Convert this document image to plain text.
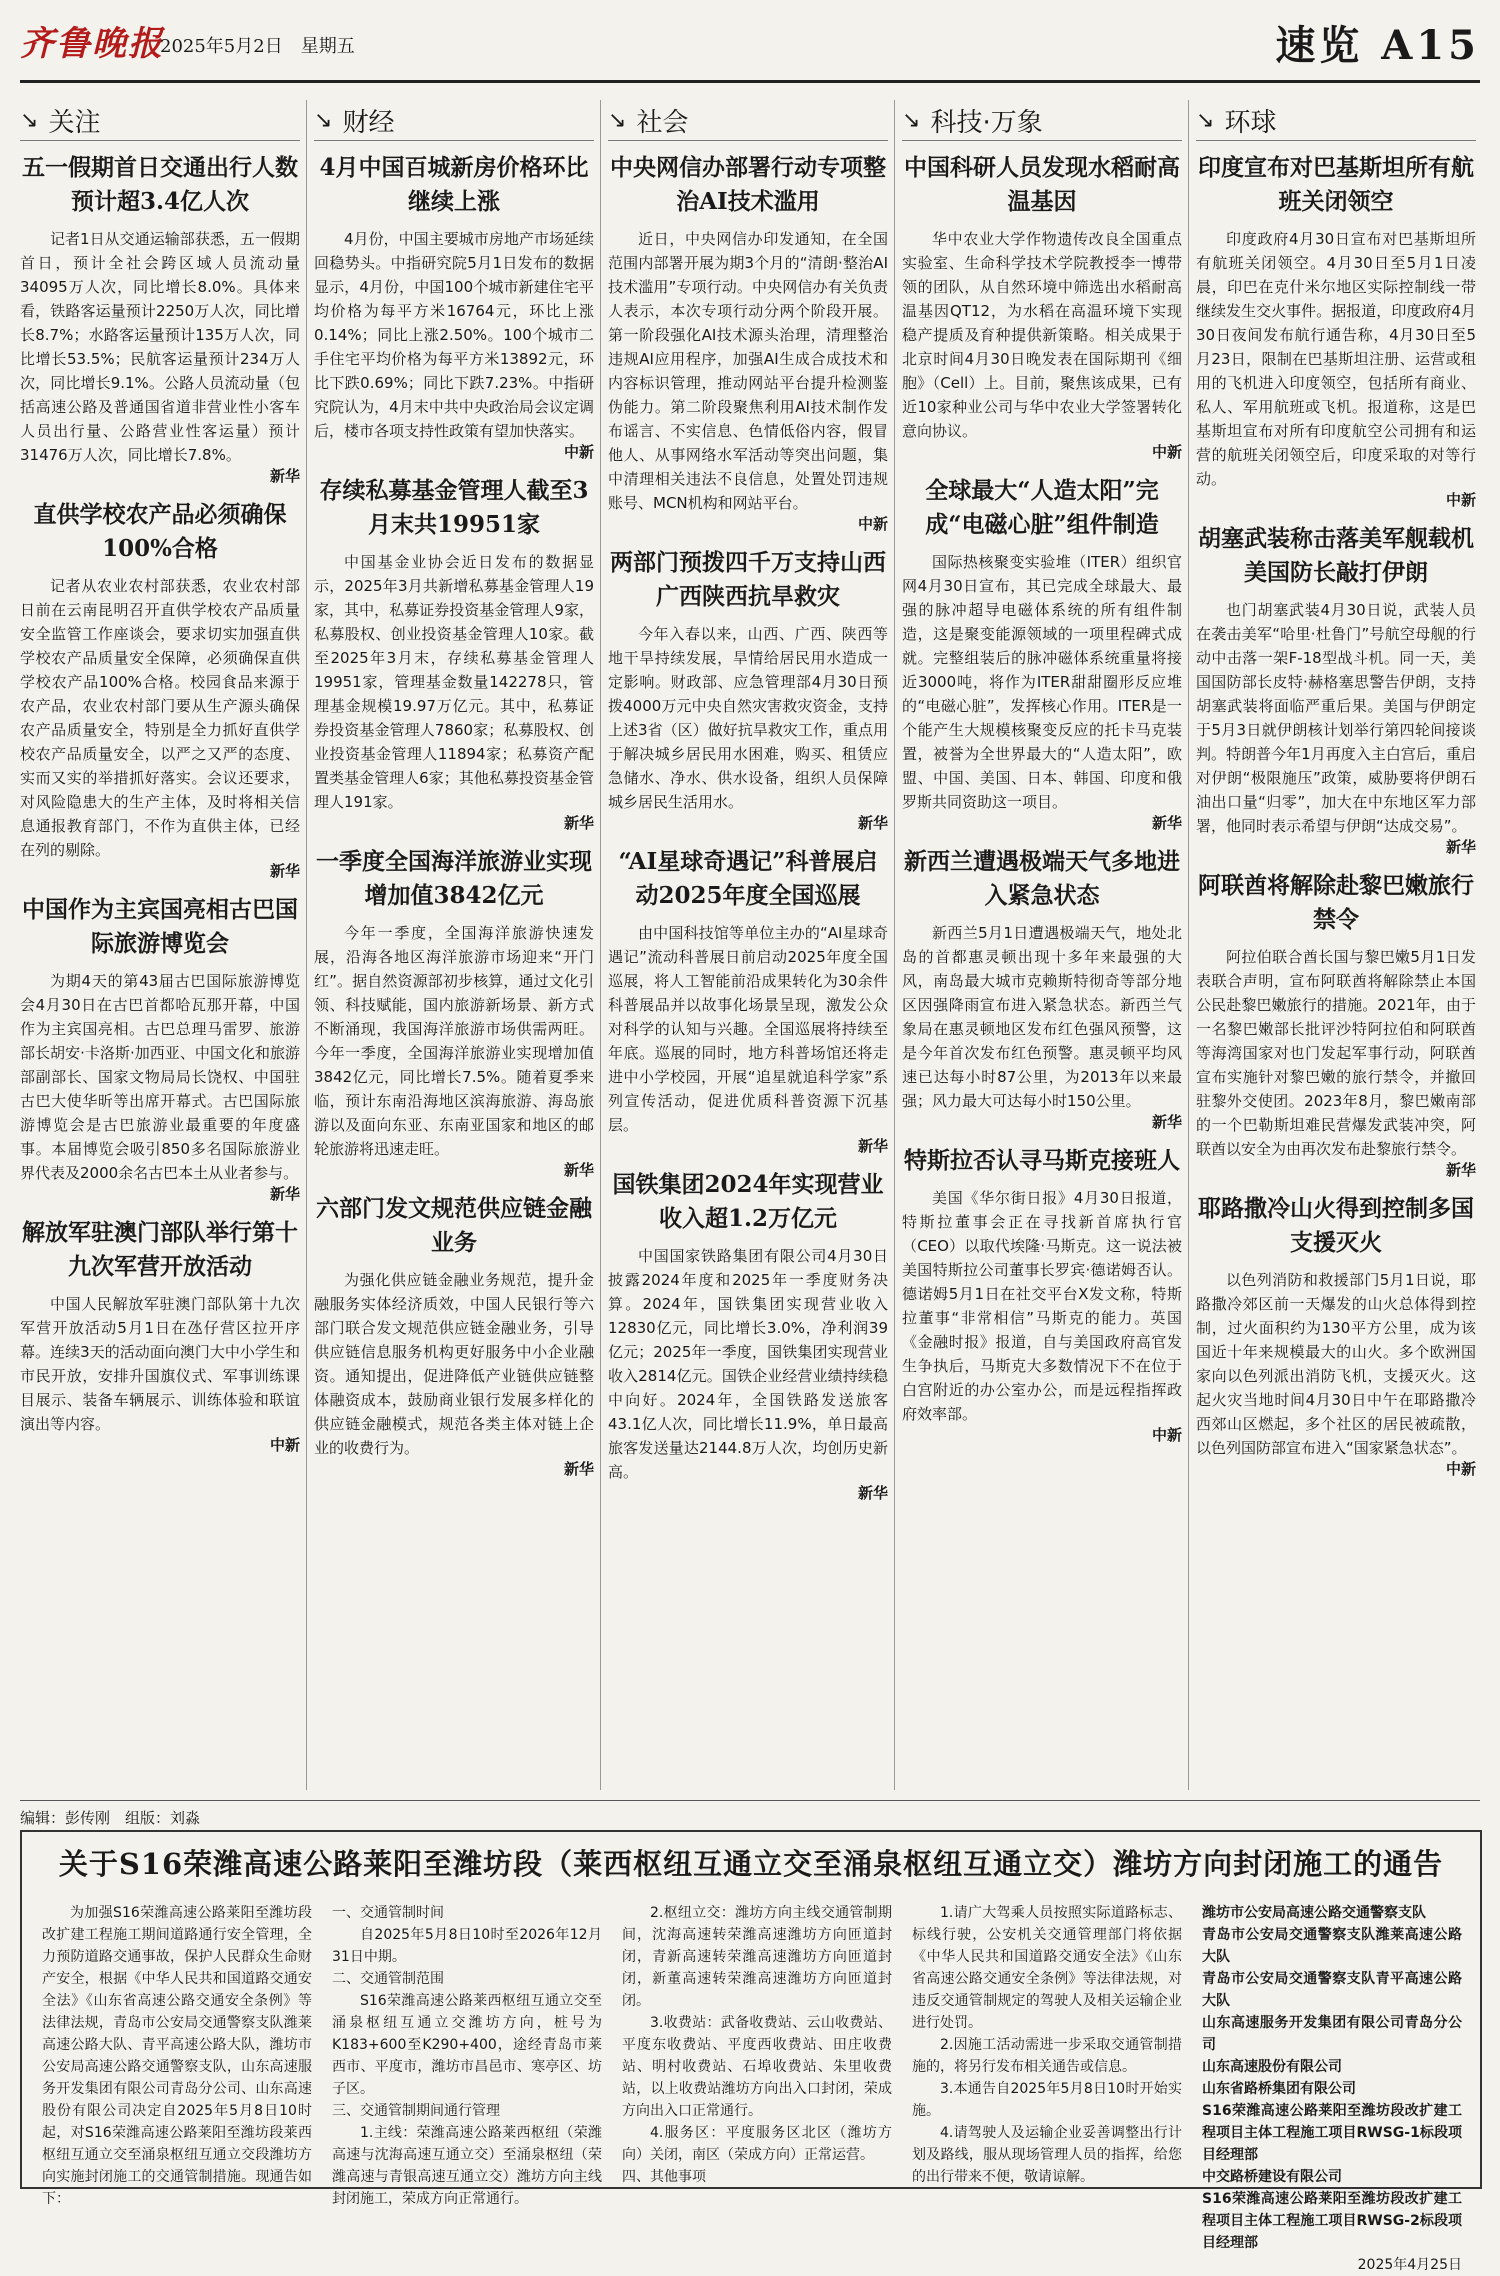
齐鲁晚报
2025年5月2日　星期五	速览 A15
↘ 关注
五一假期首日交通出行人数预计超3.4亿人次
记者1日从交通运输部获悉，五一假期首日，预计全社会跨区域人员流动量34095万人次，同比增长8.0%。具体来看，铁路客运量预计2250万人次，同比增长8.7%；水路客运量预计135万人次，同比增长53.5%；民航客运量预计234万人次，同比增长9.1%。公路人员流动量（包括高速公路及普通国省道非营业性小客车人员出行量、公路营业性客运量）预计31476万人次，同比增长7.8%。
新华
直供学校农产品必须确保100%合格
记者从农业农村部获悉，农业农村部日前在云南昆明召开直供学校农产品质量安全监管工作座谈会，要求切实加强直供学校农产品质量安全保障，必须确保直供学校农产品100%合格。校园食品来源于农产品，农业农村部门要从生产源头确保农产品质量安全，特别是全力抓好直供学校农产品质量安全，以严之又严的态度、实而又实的举措抓好落实。会议还要求，对风险隐患大的生产主体，及时将相关信息通报教育部门，不作为直供主体，已经在列的剔除。
新华
中国作为主宾国亮相古巴国际旅游博览会
为期4天的第43届古巴国际旅游博览会4月30日在古巴首都哈瓦那开幕，中国作为主宾国亮相。古巴总理马雷罗、旅游部长胡安·卡洛斯·加西亚、中国文化和旅游部副部长、国家文物局局长饶权、中国驻古巴大使华昕等出席开幕式。古巴国际旅游博览会是古巴旅游业最重要的年度盛事。本届博览会吸引850多名国际旅游业界代表及2000余名古巴本土从业者参与。
新华
解放军驻澳门部队举行第十九次军营开放活动
中国人民解放军驻澳门部队第十九次军营开放活动5月1日在氹仔营区拉开序幕。连续3天的活动面向澳门大中小学生和市民开放，安排升国旗仪式、军事训练课目展示、装备车辆展示、训练体验和联谊演出等内容。
中新
↘ 财经
4月中国百城新房价格环比继续上涨
4月份，中国主要城市房地产市场延续回稳势头。中指研究院5月1日发布的数据显示，4月份，中国100个城市新建住宅平均价格为每平方米16764元，环比上涨0.14%；同比上涨2.50%。100个城市二手住宅平均价格为每平方米13892元，环比下跌0.69%；同比下跌7.23%。中指研究院认为，4月末中共中央政治局会议定调后，楼市各项支持性政策有望加快落实。
中新
存续私募基金管理人截至3月末共19951家
中国基金业协会近日发布的数据显示，2025年3月共新增私募基金管理人19家，其中，私募证券投资基金管理人9家，私募股权、创业投资基金管理人10家。截至2025年3月末，存续私募基金管理人19951家，管理基金数量142278只，管理基金规模19.97万亿元。其中，私募证券投资基金管理人7860家；私募股权、创业投资基金管理人11894家；私募资产配置类基金管理人6家；其他私募投资基金管理人191家。
新华
一季度全国海洋旅游业实现增加值3842亿元
今年一季度，全国海洋旅游快速发展，沿海各地区海洋旅游市场迎来“开门红”。据自然资源部初步核算，通过文化引领、科技赋能，国内旅游新场景、新方式不断涌现，我国海洋旅游市场供需两旺。今年一季度，全国海洋旅游业实现增加值3842亿元，同比增长7.5%。随着夏季来临，预计东南沿海地区滨海旅游、海岛旅游以及面向东亚、东南亚国家和地区的邮轮旅游将迅速走旺。
新华
六部门发文规范供应链金融业务
为强化供应链金融业务规范，提升金融服务实体经济质效，中国人民银行等六部门联合发文规范供应链金融业务，引导供应链信息服务机构更好服务中小企业融资。通知提出，促进降低产业链供应链整体融资成本，鼓励商业银行发展多样化的供应链金融模式，规范各类主体对链上企业的收费行为。
新华
↘ 社会
中央网信办部署行动专项整治AI技术滥用
近日，中央网信办印发通知，在全国范围内部署开展为期3个月的“清朗·整治AI技术滥用”专项行动。中央网信办有关负责人表示，本次专项行动分两个阶段开展。第一阶段强化AI技术源头治理，清理整治违规AI应用程序，加强AI生成合成技术和内容标识管理，推动网站平台提升检测鉴伪能力。第二阶段聚焦利用AI技术制作发布谣言、不实信息、色情低俗内容，假冒他人、从事网络水军活动等突出问题，集中清理相关违法不良信息，处置处罚违规账号、MCN机构和网站平台。
中新
两部门预拨四千万支持山西广西陕西抗旱救灾
今年入春以来，山西、广西、陕西等地干旱持续发展，旱情给居民用水造成一定影响。财政部、应急管理部4月30日预拨4000万元中央自然灾害救灾资金，支持上述3省（区）做好抗旱救灾工作，重点用于解决城乡居民用水困难，购买、租赁应急储水、净水、供水设备，组织人员保障城乡居民生活用水。
新华
“AI星球奇遇记”科普展启动2025年度全国巡展
由中国科技馆等单位主办的“AI星球奇遇记”流动科普展日前启动2025年度全国巡展，将人工智能前沿成果转化为30余件科普展品并以故事化场景呈现，激发公众对科学的认知与兴趣。全国巡展将持续至年底。巡展的同时，地方科普场馆还将走进中小学校园，开展“追星就追科学家”系列宣传活动，促进优质科普资源下沉基层。
新华
国铁集团2024年实现营业收入超1.2万亿元
中国国家铁路集团有限公司4月30日披露2024年度和2025年一季度财务决算。2024年，国铁集团实现营业收入12830亿元，同比增长3.0%，净利润39亿元；2025年一季度，国铁集团实现营业收入2814亿元。国铁企业经营业绩持续稳中向好。2024年，全国铁路发送旅客43.1亿人次，同比增长11.9%，单日最高旅客发送量达2144.8万人次，均创历史新高。
新华
↘ 科技·万象
中国科研人员发现水稻耐高温基因
华中农业大学作物遗传改良全国重点实验室、生命科学技术学院教授李一博带领的团队，从自然环境中筛选出水稻耐高温基因QT12，为水稻在高温环境下实现稳产提质及育种提供新策略。相关成果于北京时间4月30日晚发表在国际期刊《细胞》（Cell）上。目前，聚焦该成果，已有近10家种业公司与华中农业大学签署转化意向协议。
中新
全球最大“人造太阳”完成“电磁心脏”组件制造
国际热核聚变实验堆（ITER）组织官网4月30日宣布，其已完成全球最大、最强的脉冲超导电磁体系统的所有组件制造，这是聚变能源领域的一项里程碑式成就。完整组装后的脉冲磁体系统重量将接近3000吨，将作为ITER甜甜圈形反应堆的“电磁心脏”，发挥核心作用。ITER是一个能产生大规模核聚变反应的托卡马克装置，被誉为全世界最大的“人造太阳”，欧盟、中国、美国、日本、韩国、印度和俄罗斯共同资助这一项目。
新华
新西兰遭遇极端天气多地进入紧急状态
新西兰5月1日遭遇极端天气，地处北岛的首都惠灵顿出现十多年来最强的大风，南岛最大城市克赖斯特彻奇等部分地区因强降雨宣布进入紧急状态。新西兰气象局在惠灵顿地区发布红色强风预警，这是今年首次发布红色预警。惠灵顿平均风速已达每小时87公里，为2013年以来最强；风力最大可达每小时150公里。
新华
特斯拉否认寻马斯克接班人
美国《华尔街日报》4月30日报道，特斯拉董事会正在寻找新首席执行官（CEO）以取代埃隆·马斯克。这一说法被美国特斯拉公司董事长罗宾·德诺姆否认。德诺姆5月1日在社交平台X发文称，特斯拉董事“非常相信”马斯克的能力。英国《金融时报》报道，自与美国政府高官发生争执后，马斯克大多数情况下不在位于白宫附近的办公室办公，而是远程指挥政府效率部。
中新
↘ 环球
印度宣布对巴基斯坦所有航班关闭领空
印度政府4月30日宣布对巴基斯坦所有航班关闭领空。4月30日至5月1日凌晨，印巴在克什米尔地区实际控制线一带继续发生交火事件。据报道，印度政府4月30日夜间发布航行通告称，4月30日至5月23日，限制在巴基斯坦注册、运营或租用的飞机进入印度领空，包括所有商业、私人、军用航班或飞机。报道称，这是巴基斯坦宣布对所有印度航空公司拥有和运营的航班关闭领空后，印度采取的对等行动。
中新
胡塞武装称击落美军舰载机美国防长敲打伊朗
也门胡塞武装4月30日说，武装人员在袭击美军“哈里·杜鲁门”号航空母舰的行动中击落一架F-18型战斗机。同一天，美国国防部长皮特·赫格塞思警告伊朗，支持胡塞武装将面临严重后果。美国与伊朗定于5月3日就伊朗核计划举行第四轮间接谈判。特朗普今年1月再度入主白宫后，重启对伊朗“极限施压”政策，威胁要将伊朗石油出口量“归零”，加大在中东地区军力部署，他同时表示希望与伊朗“达成交易”。
新华
阿联酋将解除赴黎巴嫩旅行禁令
阿拉伯联合酋长国与黎巴嫩5月1日发表联合声明，宣布阿联酋将解除禁止本国公民赴黎巴嫩旅行的措施。2021年，由于一名黎巴嫩部长批评沙特阿拉伯和阿联酋等海湾国家对也门发起军事行动，阿联酋宣布实施针对黎巴嫩的旅行禁令，并撤回驻黎外交使团。2023年8月，黎巴嫩南部的一个巴勒斯坦难民营爆发武装冲突，阿联酋以安全为由再次发布赴黎旅行禁令。
新华
耶路撒冷山火得到控制多国支援灭火
以色列消防和救援部门5月1日说，耶路撒冷郊区前一天爆发的山火总体得到控制，过火面积约为130平方公里，成为该国近十年来规模最大的山火。多个欧洲国家向以色列派出消防飞机，支援灭火。这起火灾当地时间4月30日中午在耶路撒冷西郊山区燃起，多个社区的居民被疏散，以色列国防部宣布进入“国家紧急状态”。
中新
编辑：彭传刚　组版：刘淼
关于S16荣潍高速公路莱阳至潍坊段（莱西枢纽互通立交至涌泉枢纽互通立交）潍坊方向封闭施工的通告

为加强S16荣潍高速公路莱阳至潍坊段改扩建工程施工期间道路通行安全管理，全力预防道路交通事故，保护人民群众生命财产安全，根据《中华人民共和国道路交通安全法》《山东省高速公路交通安全条例》等法律法规，青岛市公安局交通警察支队潍莱高速公路大队、青平高速公路大队，潍坊市公安局高速公路交通警察支队，山东高速服务开发集团有限公司青岛分公司、山东高速股份有限公司决定自2025年5月8日10时起，对S16荣潍高速公路莱阳至潍坊段莱西枢纽互通立交至涌泉枢纽互通立交段潍坊方向实施封闭施工的交通管制措施。现通告如下：

一、交通管制时间

自2025年5月8日10时至2026年12月31日中期。

二、交通管制范围

S16荣潍高速公路莱西枢纽互通立交至涌泉枢纽互通立交潍坊方向，桩号为K183+600至K290+400，途经青岛市莱西市、平度市，潍坊市昌邑市、寒亭区、坊子区。

三、交通管制期间通行管理

1.主线：荣潍高速公路莱西枢纽（荣潍高速与沈海高速互通立交）至涌泉枢纽（荣潍高速与青银高速互通立交）潍坊方向主线封闭施工，荣成方向正常通行。

2.枢纽立交：潍坊方向主线交通管制期间，沈海高速转荣潍高速潍坊方向匝道封闭，青新高速转荣潍高速潍坊方向匝道封闭，新董高速转荣潍高速潍坊方向匝道封闭。

3.收费站：武备收费站、云山收费站、平度东收费站、平度西收费站、田庄收费站、明村收费站、石埠收费站、朱里收费站，以上收费站潍坊方向出入口封闭，荣成方向出入口正常通行。

4.服务区：平度服务区北区（潍坊方向）关闭，南区（荣成方向）正常运营。

四、其他事项

1.请广大驾乘人员按照实际道路标志、标线行驶，公安机关交通管理部门将依据《中华人民共和国道路交通安全法》《山东省高速公路交通安全条例》等法律法规，对违反交通管制规定的驾驶人及相关运输企业进行处罚。

2.因施工活动需进一步采取交通管制措施的，将另行发布相关通告或信息。

3.本通告自2025年5月8日10时开始实施。

4.请驾驶人及运输企业妥善调整出行计划及路线，服从现场管理人员的指挥，给您的出行带来不便，敬请谅解。

潍坊市公安局高速公路交通警察支队

青岛市公安局交通警察支队潍莱高速公路大队

青岛市公安局交通警察支队青平高速公路大队

山东高速服务开发集团有限公司青岛分公司

山东高速股份有限公司

山东省路桥集团有限公司

S16荣潍高速公路莱阳至潍坊段改扩建工程项目主体工程施工项目RWSG-1标段项目经理部

中交路桥建设有限公司

S16荣潍高速公路莱阳至潍坊段改扩建工程项目主体工程施工项目RWSG-2标段项目经理部

2025年4月25日
